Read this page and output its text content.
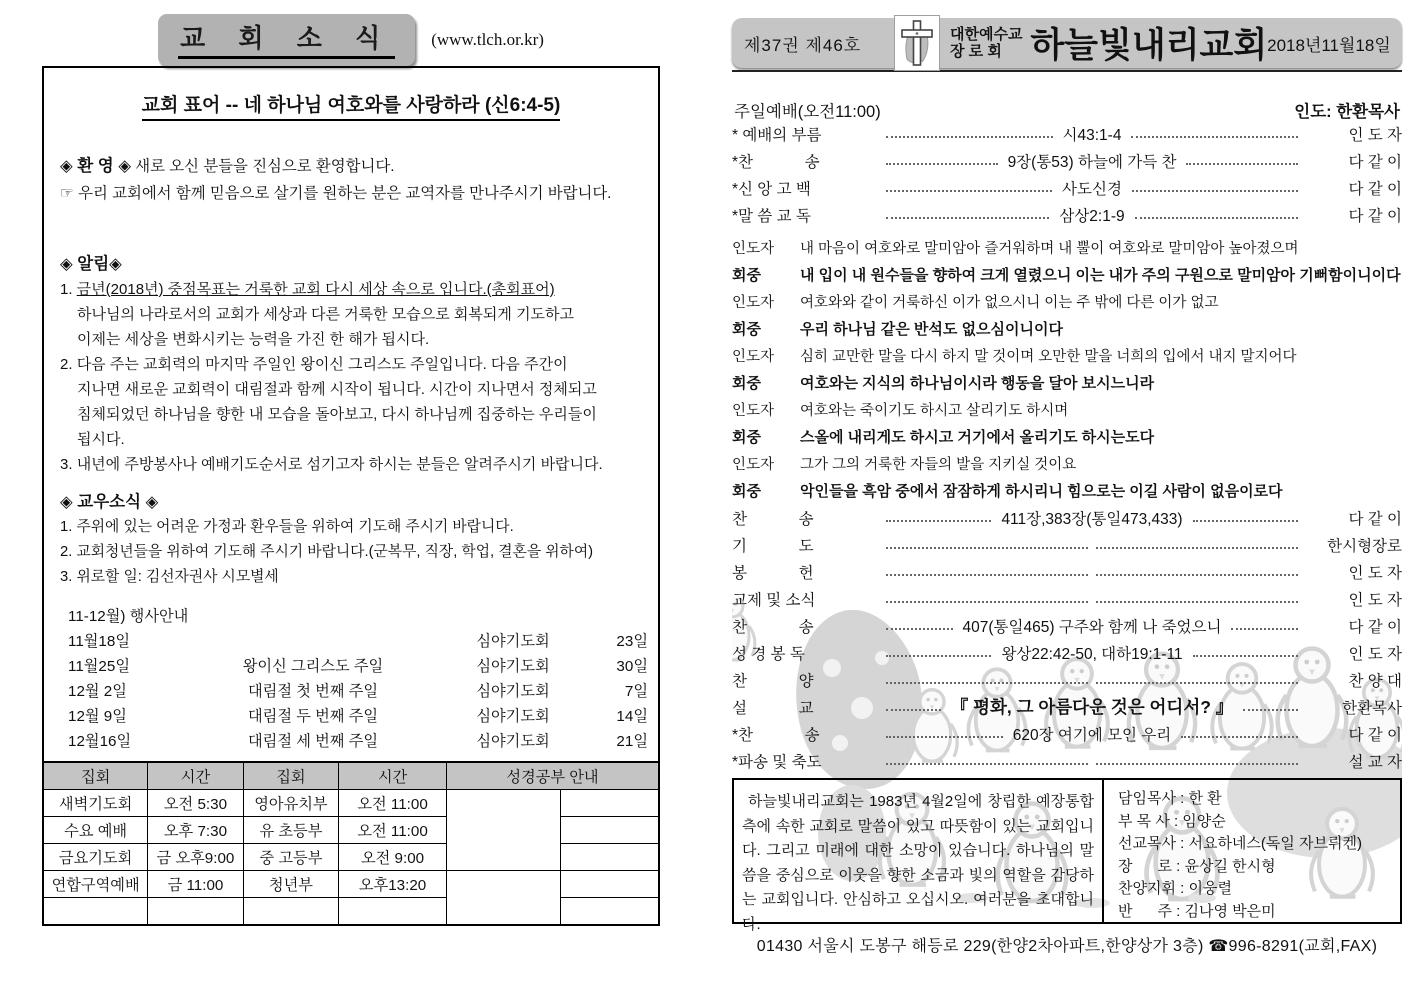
교 회 소 식	(www.tlch.or.kr)
교회 표어 -- 네 하나님 여호와를 사랑하라 (신6:4-5)
◈ 환 영 ◈ 새로 오신 분들을 진심으로 환영합니다.
☞ 우리 교회에서 함께 믿음으로 살기를 원하는 분은 교역자를 만나주시기 바랍니다.
◈ 알림◈
1. 금년(2018년) 중점목표는 거룩한 교회 다시 세상 속으로 입니다.(총회표어)
하나님의 나라로서의 교회가 세상과 다른 거룩한 모습으로 회복되게 기도하고
이제는 세상을 변화시키는 능력을 가진 한 해가 됩시다.
2. 다음 주는 교회력의 마지막 주일인 왕이신 그리스도 주일입니다. 다음 주간이
지나면 새로운 교회력이 대림절과 함께 시작이 됩니다. 시간이 지나면서 정체되고
침체되었던 하나님을 향한 내 모습을 돌아보고, 다시 하나님께 집중하는 우리들이
됩시다.
3. 내년에 주방봉사나 예배기도순서로 섬기고자 하시는 분들은 알려주시기 바랍니다.
◈ 교우소식 ◈
1. 주위에 있는 어려운 가정과 환우들을 위하여 기도해 주시기 바랍니다.
2. 교회청년들을 위하여 기도해 주시기 바랍니다.(군복무, 직장, 학업, 결혼을 위하여)
3. 위로할 일: 김선자권사 시모별세
11-12월) 행사안내
11월18일	심야기도회	23일
11월25일	왕이신 그리스도 주일	심야기도회	30일
12월 2일	대림절 첫 번째 주일	심야기도회	7일
12월 9일	대림절 두 번째 주일	심야기도회	14일
12월16일	대림절 세 번째 주일	심야기도회	21일
집회	시간	집회	시간	성경공부 안내	
새벽기도회	오전 5:30	영아유치부	오전 11:00		
수요 예배	오후 7:30	유 초등부	오전 11:00		
금요기도회	금 오후9:00	중 고등부	오전 9:00		
연합구역예배	금 11:00	청년부	오후13:20		

제37권 제46호
대한예수교
장 로 회 하늘빛내리교회 2018년11월18일
주일예배(오전11:00)	인도: 한환목사
* 예배의 부름	시43:1-4	인 도 자
*찬            송	9장(통53) 하늘에 가득 찬	다 같 이
*신 앙 고 백	사도신경	다 같 이
*말 씀 교 독	삼상2:1-9	다 같 이
인도자	내 마음이 여호와로 말미암아 즐거워하며 내 뿔이 여호와로 말미암아 높아졌으며
회중	내 입이 내 원수들을 향하여 크게 열렸으니 이는 내가 주의 구원으로 말미암아 기뻐함이니이다
인도자	여호와와 같이 거룩하신 이가 없으시니 이는 주 밖에 다른 이가 없고
회중	우리 하나님 같은 반석도 없으심이니이다
인도자	심히 교만한 말을 다시 하지 말 것이며 오만한 말을 너희의 입에서 내지 말지어다
회중	여호와는 지식의 하나님이시라 행동을 달아 보시느니라
인도자	여호와는 죽이기도 하시고 살리기도 하시며
회중	스올에 내리게도 하시고 거기에서 올리기도 하시는도다
인도자	그가 그의 거룩한 자들의 발을 지키실 것이요
회중	악인들을 흑암 중에서 잠잠하게 하시리니 힘으로는 이길 사람이 없음이로다
찬            송	411장,383장(통일473,433)	다 같 이
기            도	한시형장로
봉            헌	인 도 자
교제 및 소식	인 도 자
찬            송	407(통일465) 구주와 함께 나 죽었으니	다 같 이
성 경 봉 독	왕상22:42-50, 대하19:1-11	인 도 자
찬            양	찬 양 대
설            교	『 평화, 그 아름다운 것은 어디서? 』	한환목사
*찬            송	620장 여기에 모인 우리	다 같 이
*파송 및 축도	설 교 자
하늘빛내리교회는 1983년 4월2일에 창립한 예장통합 측에 속한 교회로 말씀이 있고 따뜻함이 있는 교회입니다. 그리고 미래에 대한 소망이 있습니다. 하나님의 말씀을 중심으로 이웃을 향한 소금과 빛의 역할을 감당하는 교회입니다. 안심하고 오십시오. 여러분을 초대합니다.
담임목사 : 한 환
부 목 사 : 임양순
선교목사 : 서요하네스(독일 자브뤼켄)
장      로 : 윤상길 한시형
찬양지휘 : 이웅렬
반      주 : 김나영 박은미
01430 서울시 도봉구 해등로 229(한양2차아파트,한양상가 3층) ☎996-8291(교회,FAX)
